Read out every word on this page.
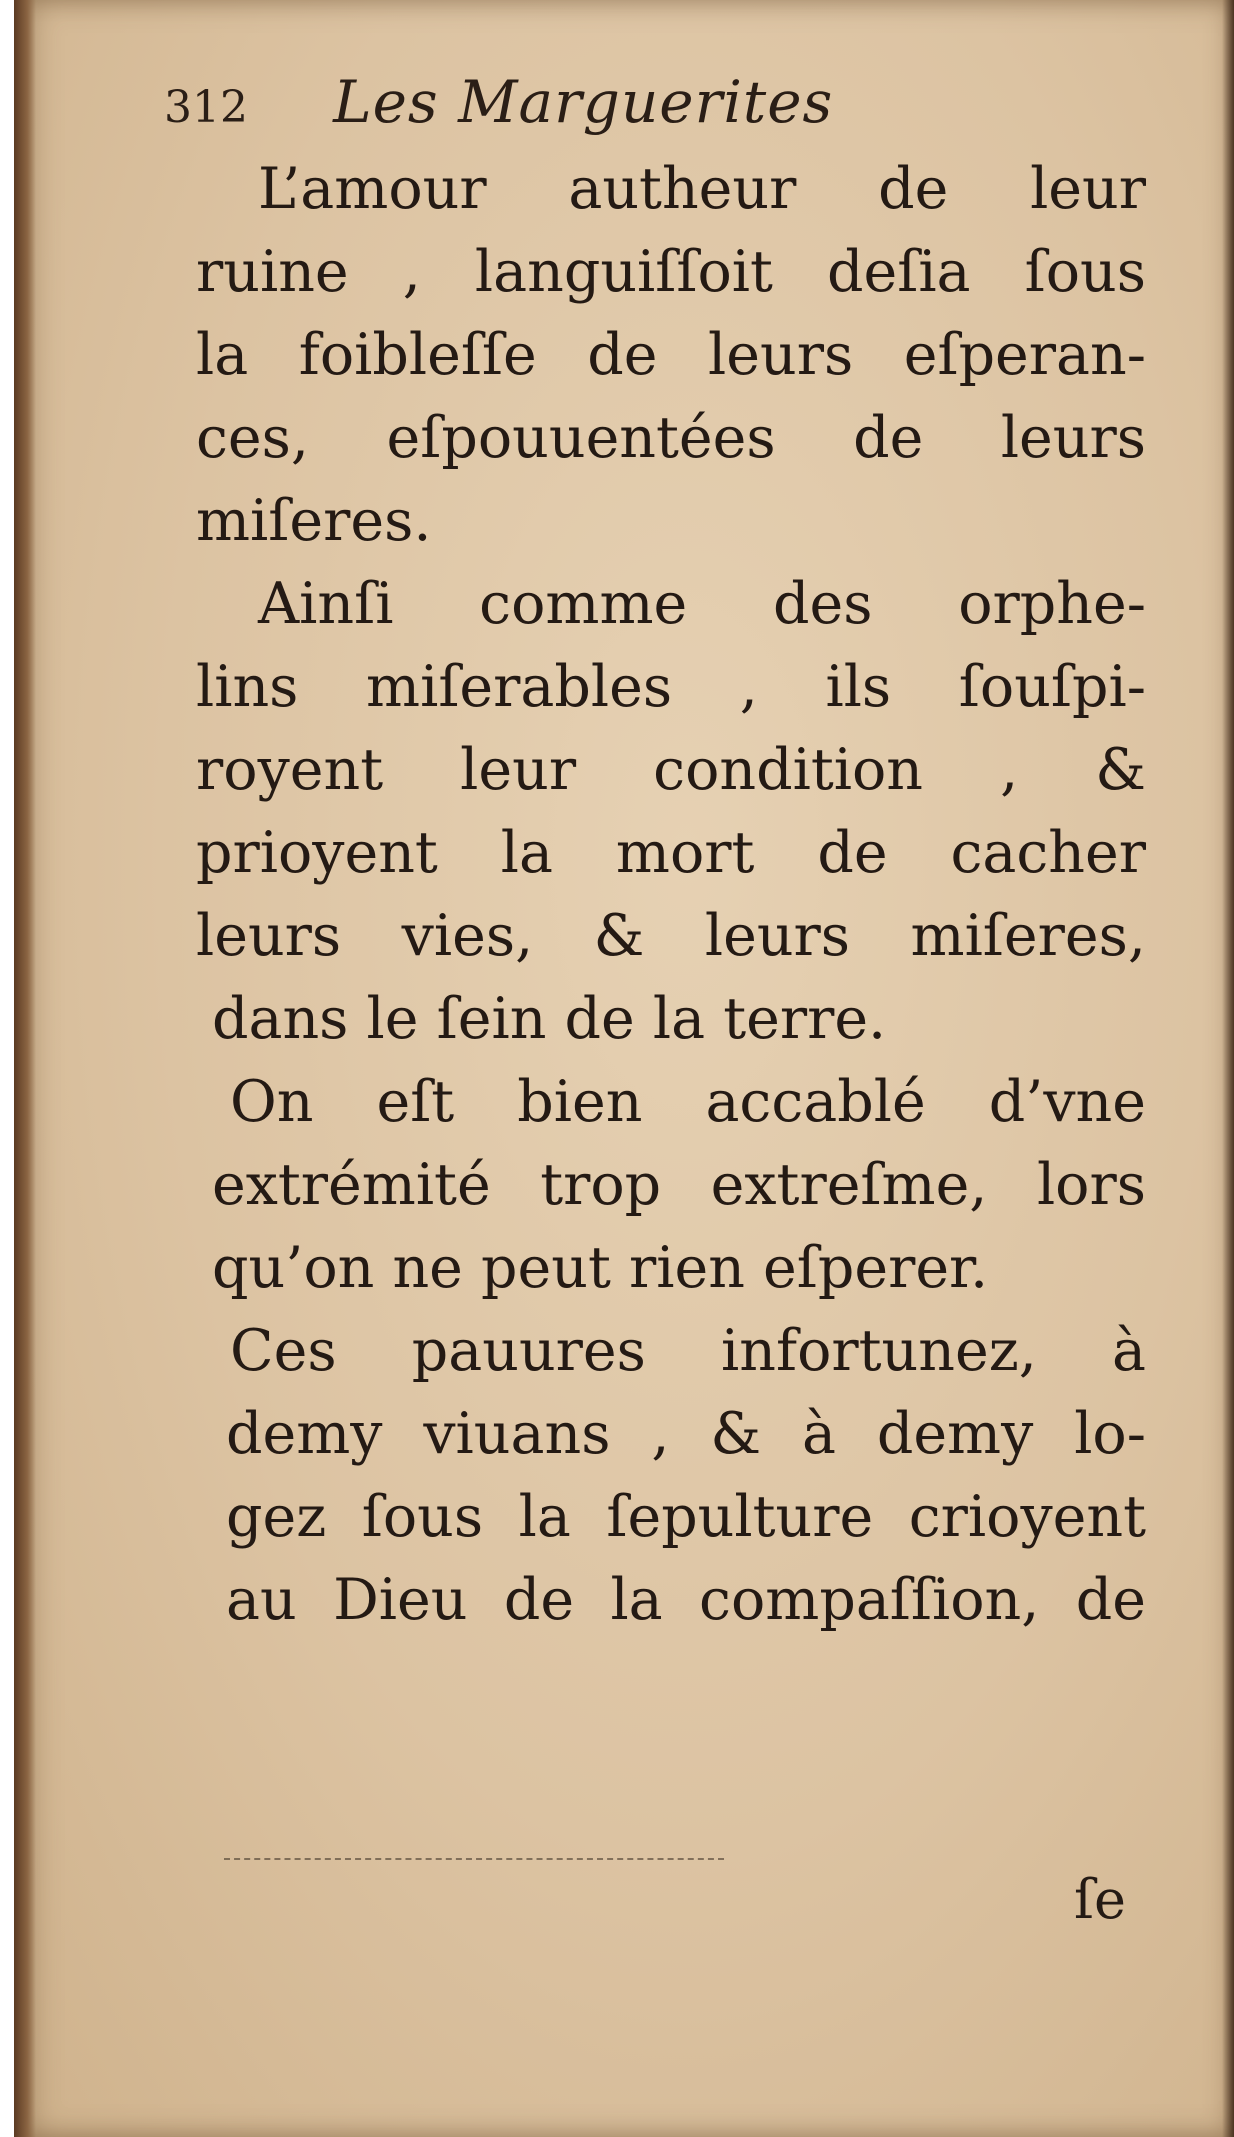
312 Les Marguerites
L’amour autheur de leur
ruine , languiſſoit deſia ſous
la foibleſſe de leurs eſperan-
ces, eſpouuentées de leurs
miſeres.
Ainſi comme des orphe-
lins miſerables , ils ſouſpi-
royent leur condition , &
prioyent la mort de cacher
leurs vies, & leurs miſeres,
dans le ſein de la terre.
On eſt bien accablé d’vne
extrémité trop extreſme, lors
qu’on ne peut rien eſperer.
Ces pauures infortunez, à
demy viuans , & à demy lo-
gez ſous la ſepulture crioyent
au Dieu de la compaſſion, de
ſe
